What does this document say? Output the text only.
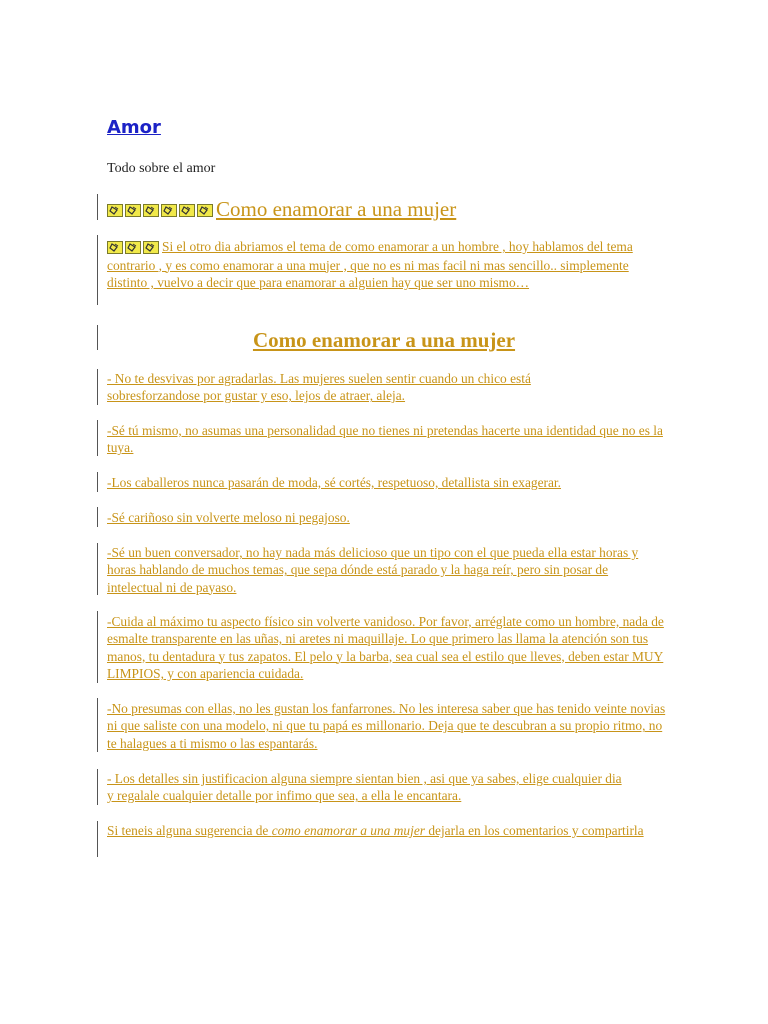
Amor

Todo sobre el amor

Como enamorar a una mujer

Si el otro dia abriamos el tema de como enamorar a un hombre , hoy hablamos del tema contrario , y es como enamorar a una mujer , que no es ni mas facil ni mas sencillo.. simplemente distinto , vuelvo a decir que para enamorar a alguien hay que ser uno mismo…

Como enamorar a una mujer

- No te desvivas por agradarlas. Las mujeres suelen sentir cuando un chico está sobresforzandose por gustar y eso, lejos de atraer, aleja.

-Sé tú mismo, no asumas una personalidad que no tienes ni pretendas hacerte una identidad que no es la tuya.

-Los caballeros nunca pasarán de moda, sé cortés, respetuoso, detallista sin exagerar.

-Sé cariñoso sin volverte meloso ni pegajoso.

-Sé un buen conversador, no hay nada más delicioso que un tipo con el que pueda ella estar horas y horas hablando de muchos temas, que sepa dónde está parado y la haga reír, pero sin posar de intelectual ni de payaso.

-Cuida al máximo tu aspecto físico sin volverte vanidoso. Por favor, arréglate como un hombre, nada de esmalte transparente en las uñas, ni aretes ni maquillaje. Lo que primero las llama la atención son tus manos, tu dentadura y tus zapatos. El pelo y la barba, sea cual sea el estilo que lleves, deben estar MUY LIMPIOS, y con apariencia cuidada.

-No presumas con ellas, no les gustan los fanfarrones. No les interesa saber que has tenido veinte novias ni que saliste con una modelo, ni que tu papá es millonario. Deja que te descubran a su propio ritmo, no te halagues a ti mismo o las espantarás.

- Los detalles sin justificacion alguna siempre sientan bien , asi que ya sabes, elige cualquier dia y regalale cualquier detalle por infimo que sea, a ella le encantara.

Si teneis alguna sugerencia de como enamorar a una mujer dejarla en los comentarios y compartirla
